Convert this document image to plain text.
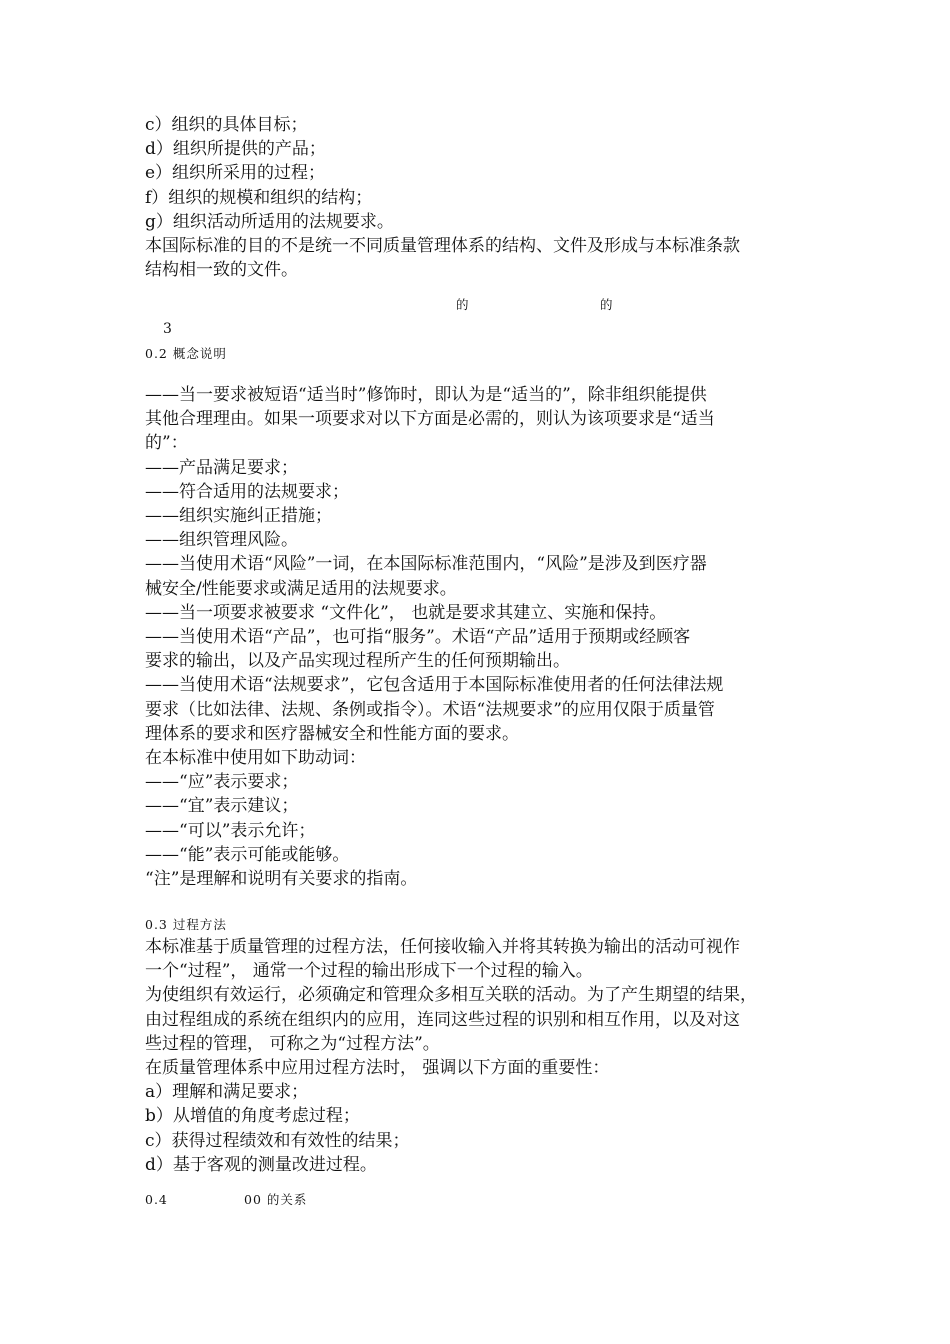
c）组织的具体目标；
d）组织所提供的产品；
e）组织所采用的过程；
f）组织的规模和组织的结构；
g）组织活动所适用的法规要求。
本国际标准的目的不是统一不同质量管理体系的结构、文件及形成与本标准条款
结构相一致的文件。
的	的
3
0.2 概念说明
——当一要求被短语“适当时”修饰时，即认为是“适当的”，除非组织能提供
其他合理理由。如果一项要求对以下方面是必需的，则认为该项要求是“适当
的”：
——产品满足要求；
——符合适用的法规要求；
——组织实施纠正措施；
——组织管理风险。
——当使用术语“风险”一词，在本国际标准范围内，“风险”是涉及到医疗器
械安全/性能要求或满足适用的法规要求。
——当一项要求被要求 “文件化”， 也就是要求其建立、实施和保持。
——当使用术语“产品”，也可指“服务”。术语“产品”适用于预期或经顾客
要求的输出，以及产品实现过程所产生的任何预期输出。
——当使用术语“法规要求”，它包含适用于本国际标准使用者的任何法律法规
要求（比如法律、法规、条例或指令）。术语“法规要求”的应用仅限于质量管
理体系的要求和医疗器械安全和性能方面的要求。
在本标准中使用如下助动词：
——“应”表示要求；
——“宜”表示建议；
——“可以”表示允许；
——“能”表示可能或能够。
“注”是理解和说明有关要求的指南。
0.3 过程方法
本标准基于质量管理的过程方法，任何接收输入并将其转换为输出的活动可视作
一个“过程”， 通常一个过程的输出形成下一个过程的输入。
为使组织有效运行，必须确定和管理众多相互关联的活动。为了产生期望的结果，
由过程组成的系统在组织内的应用，连同这些过程的识别和相互作用，以及对这
些过程的管理， 可称之为“过程方法”。
在质量管理体系中应用过程方法时， 强调以下方面的重要性：
a）理解和满足要求；
b）从增值的角度考虑过程；
c）获得过程绩效和有效性的结果；
d）基于客观的测量改进过程。
0.4	00 的关系
